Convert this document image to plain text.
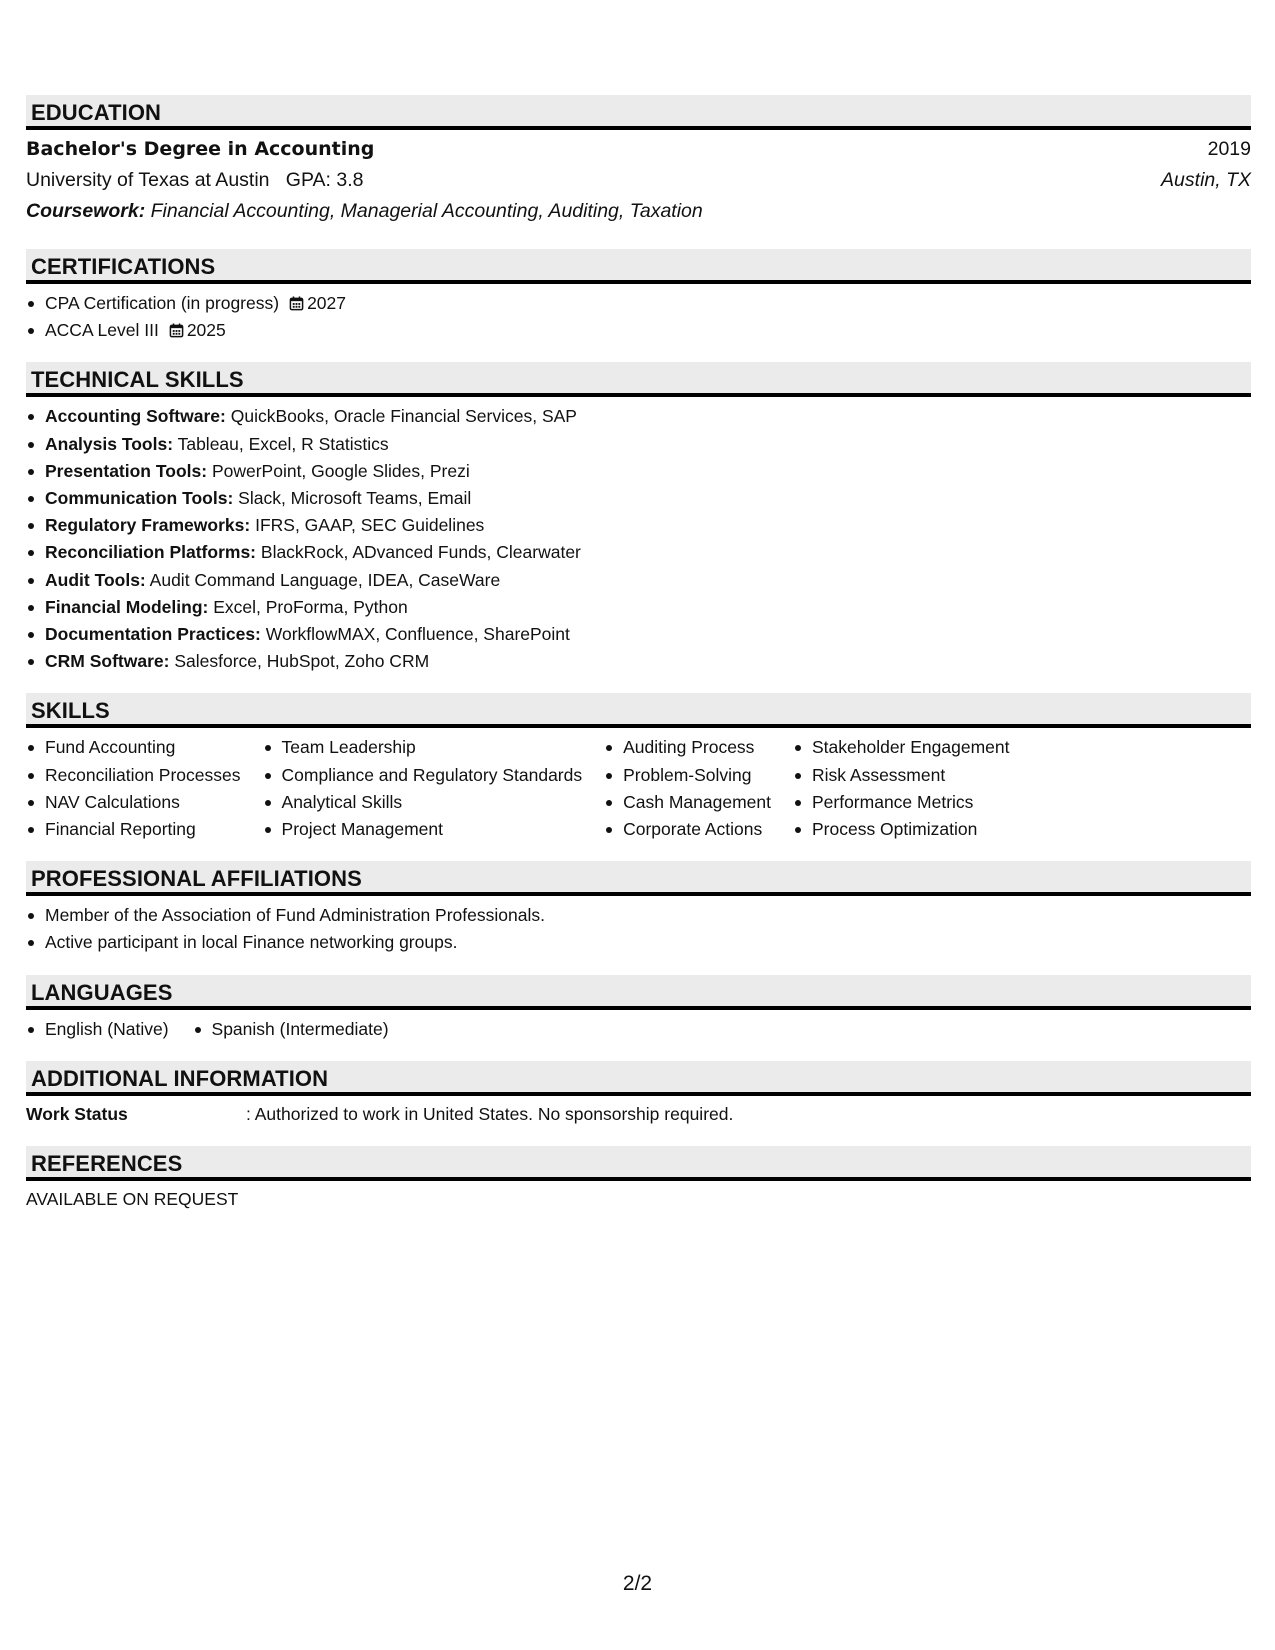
EDUCATION
Bachelor's Degree in Accounting	2019
University of Texas at Austin GPA: 3.8	Austin, TX
Coursework:
Financial Accounting, Managerial Accounting, Auditing, Taxation
CERTIFICATIONS
CPA Certification (in progress) 2027
ACCA Level III 2025
TECHNICAL SKILLS
Accounting Software: QuickBooks, Oracle Financial Services, SAP
Analysis Tools: Tableau, Excel, R Statistics
Presentation Tools: PowerPoint, Google Slides, Prezi
Communication Tools: Slack, Microsoft Teams, Email
Regulatory Frameworks: IFRS, GAAP, SEC Guidelines
Reconciliation Platforms: BlackRock, ADvanced Funds, Clearwater
Audit Tools: Audit Command Language, IDEA, CaseWare
Financial Modeling: Excel, ProForma, Python
Documentation Practices: WorkflowMAX, Confluence, SharePoint
CRM Software: Salesforce, HubSpot, Zoho CRM
SKILLS
Fund Accounting
Reconciliation Processes
NAV Calculations
Financial Reporting
Team Leadership
Compliance and Regulatory Standards
Analytical Skills
Project Management
Auditing Process
Problem-Solving
Cash Management
Corporate Actions
Stakeholder Engagement
Risk Assessment
Performance Metrics
Process Optimization
PROFESSIONAL AFFILIATIONS
Member of the Association of Fund Administration Professionals.
Active participant in local Finance networking groups.
LANGUAGES
English (Native)	Spanish (Intermediate)
ADDITIONAL INFORMATION
Work Status	: Authorized to work in United States. No sponsorship required.
REFERENCES
AVAILABLE ON REQUEST
2/2
